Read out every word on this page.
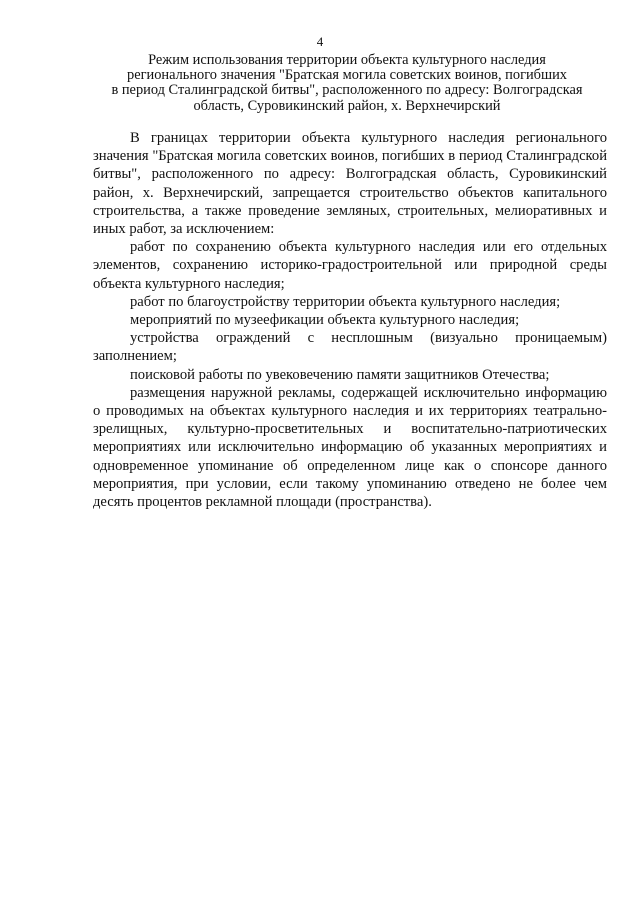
4
Режим использования территории объекта культурного наследия
регионального значения "Братская могила советских воинов, погибших
в период Сталинградской битвы", расположенного по адресу: Волгоградская
область, Суровикинский район, х. Верхнечирский

В границах территории объекта культурного наследия регионального значения "Братская могила советских воинов, погибших в период Сталинградской битвы", расположенного по адресу: Волгоградская область, Суровикинский район, х. Верхнечирский, запрещается строительство объектов капитального строительства, а также проведение земляных, строительных, мелиоративных и иных работ, за исключением:

работ по сохранению объекта культурного наследия или его отдельных элементов, сохранению историко-градостроительной или природной среды объекта культурного наследия;

работ по благоустройству территории объекта культурного наследия;

мероприятий по музеефикации объекта культурного наследия;

устройства ограждений с несплошным (визуально проницаемым) заполнением;

поисковой работы по увековечению памяти защитников Отечества;

размещения наружной рекламы, содержащей исключительно информацию о проводимых на объектах культурного наследия и их территориях театрально-зрелищных, культурно-просветительных и воспитательно-патриотических мероприятиях или исключительно информацию об указанных мероприятиях и одновременное упоминание об определенном лице как о спонсоре данного мероприятия, при условии, если такому упоминанию отведено не более чем десять процентов рекламной площади (пространства).
